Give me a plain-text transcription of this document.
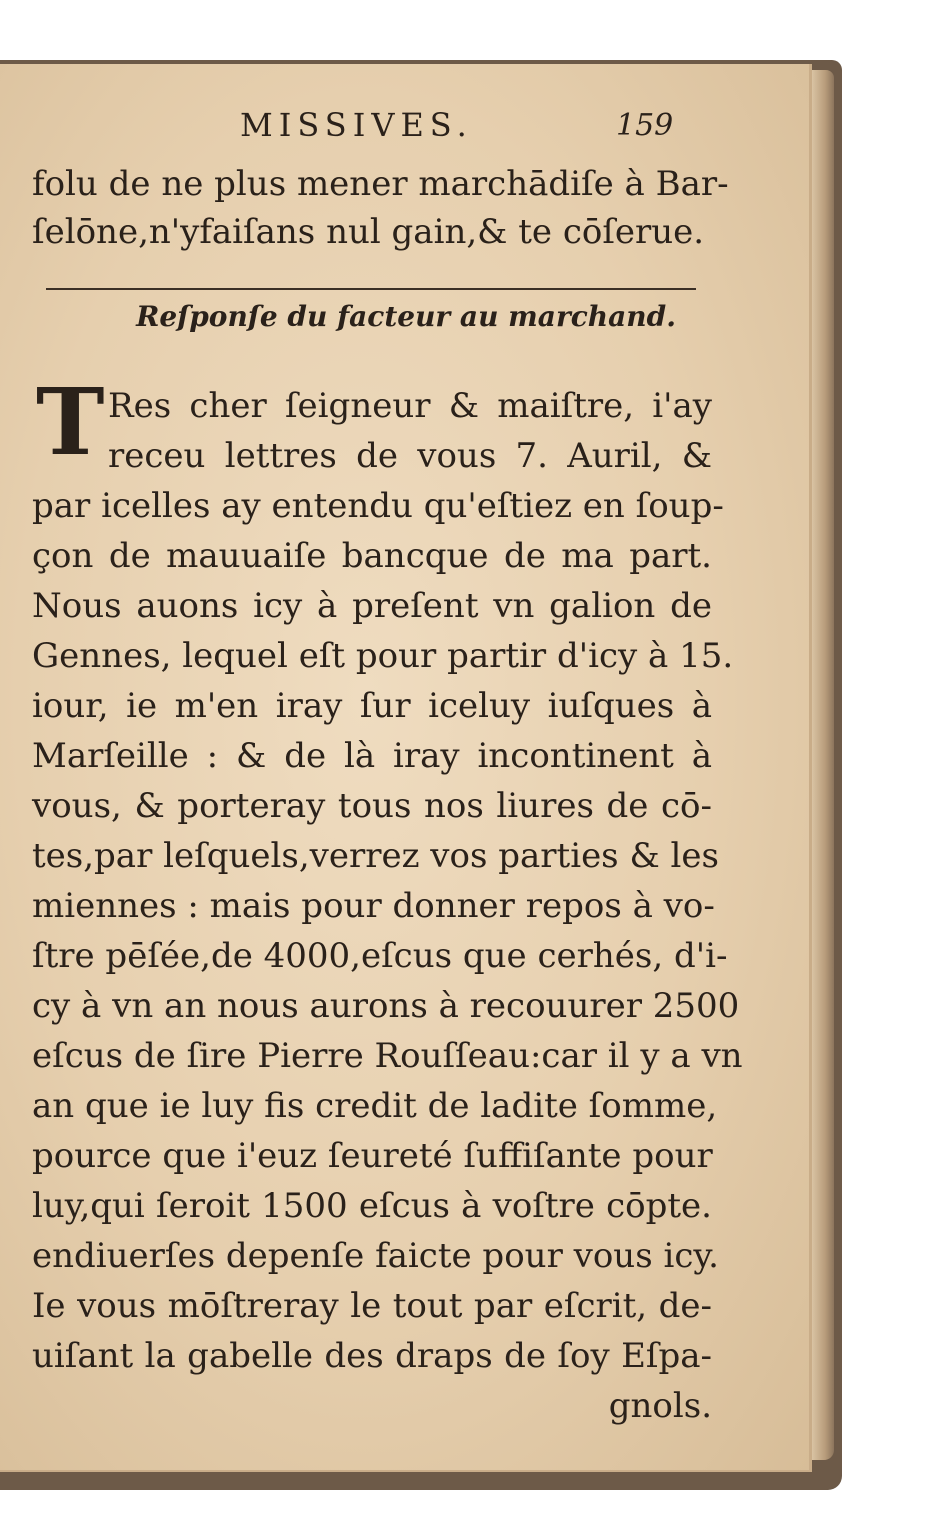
MISSIVES.	159
folu de ne plus mener marchādiſe à Bar-
ſelōne,n'yfaiſans nul gain,& te cōſerue.
Reſponſe du facteur au marchand.
T Res cher ſeigneur & maiſtre, i'ay
receu lettres de vous 7. Auril, &
par icelles ay entendu qu'eſtiez en ſoup-
çon de mauuaiſe bancque de ma part.
Nous auons icy à preſent vn galion de
Gennes, lequel eſt pour partir d'icy à 15.
iour, ie m'en iray ſur iceluy iuſques à
Marſeille : & de là iray incontinent à
vous, & porteray tous nos liures de cō-
tes,par leſquels,verrez vos parties & les
miennes : mais pour donner repos à vo-
ſtre pēſée,de 4000,eſcus que cerhés, d'i-
cy à vn an nous aurons à recouurer 2500
eſcus de ſire Pierre Rouſſeau:car il y a vn
an que ie luy fis credit de ladite ſomme,
pource que i'euz ſeureté ſuffiſante pour
luy,qui ſeroit 1500 eſcus à voſtre cōpte.
endiuerſes depenſe faicte pour vous icy.
Ie vous mōſtreray le tout par eſcrit, de-
uiſant la gabelle des draps de ſoy Eſpa-
gnols.
